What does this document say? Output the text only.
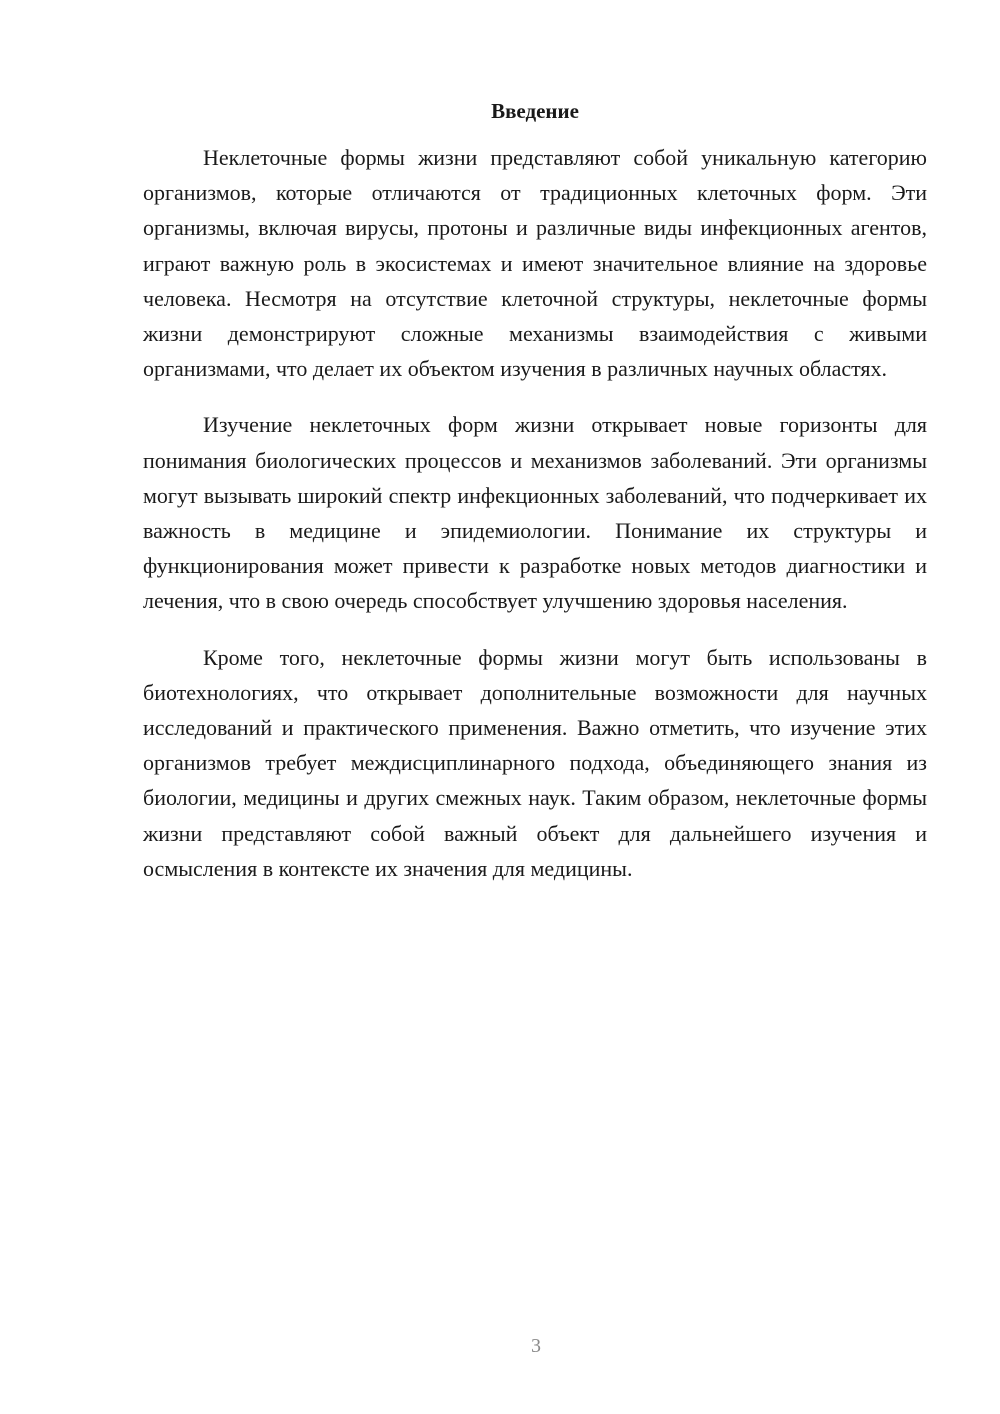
Введение

Неклеточные формы жизни представляют собой уникальную категорию организмов, которые отличаются от традиционных клеточных форм. Эти организмы, включая вирусы, протоны и различные виды инфекционных агентов, играют важную роль в экосистемах и имеют значительное влияние на здоровье человека. Несмотря на отсутствие клеточной структуры, неклеточные формы жизни демонстрируют сложные механизмы взаимодействия с живыми организмами, что делает их объектом изучения в различных научных областях.

Изучение неклеточных форм жизни открывает новые горизонты для понимания биологических процессов и механизмов заболеваний. Эти организмы могут вызывать широкий спектр инфекционных заболеваний, что подчеркивает их важность в медицине и эпидемиологии. Понимание их структуры и функционирования может привести к разработке новых методов диагностики и лечения, что в свою очередь способствует улучшению здоровья населения.

Кроме того, неклеточные формы жизни могут быть использованы в биотехнологиях, что открывает дополнительные возможности для научных исследований и практического применения. Важно отметить, что изучение этих организмов требует междисциплинарного подхода, объединяющего знания из биологии, медицины и других смежных наук. Таким образом, неклеточные формы жизни представляют собой важный объект для дальнейшего изучения и осмысления в контексте их значения для медицины.

3
